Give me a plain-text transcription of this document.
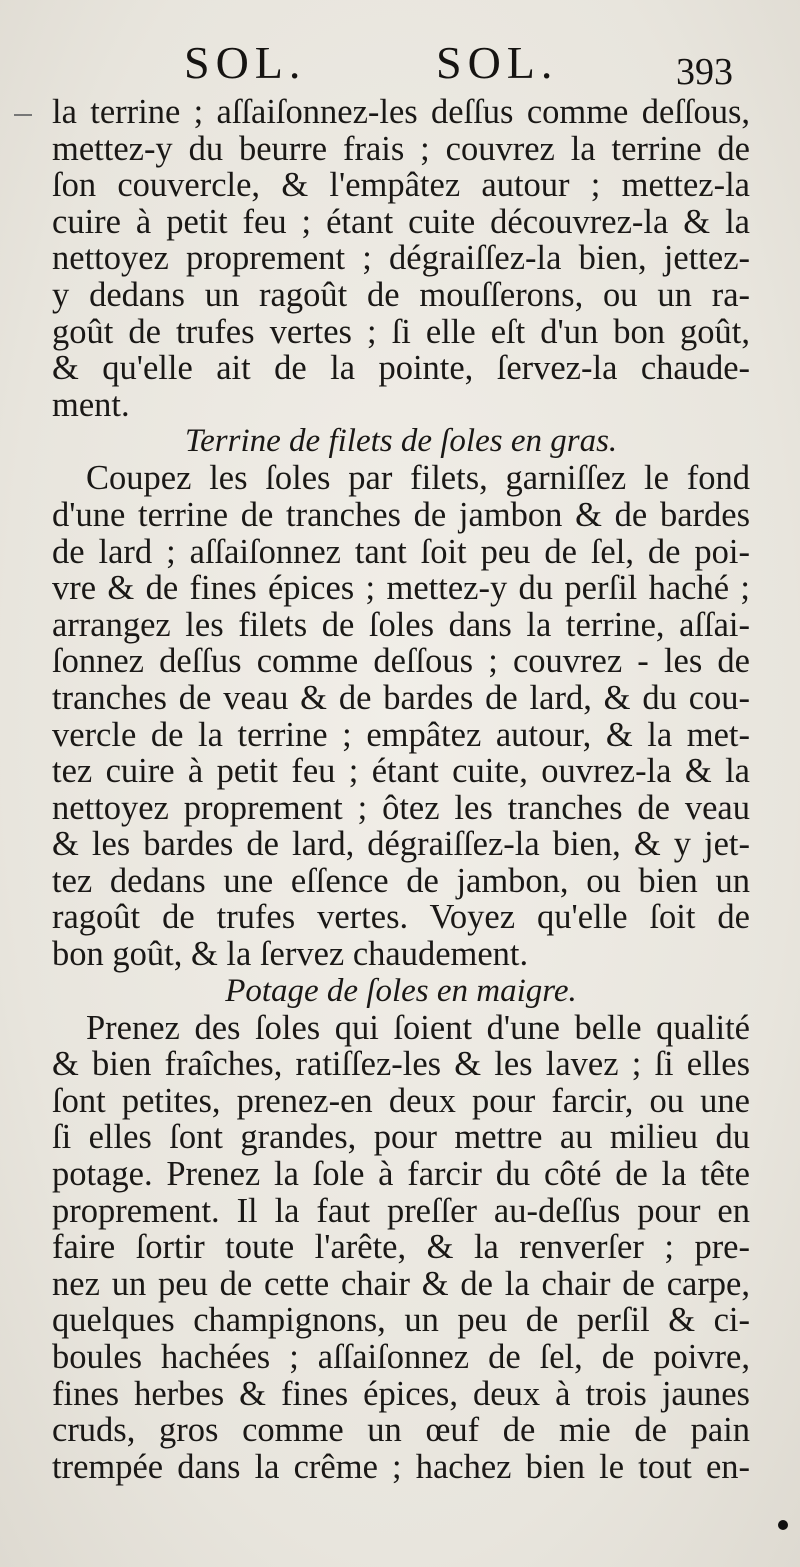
SOL.	SOL.	393
la terrine ; aſſaiſonnez-les deſſus comme deſſous,
mettez-y du beurre frais ; couvrez la terrine de
ſon couvercle, & l'empâtez autour ; mettez-la
cuire à petit feu ; étant cuite découvrez-la & la
nettoyez proprement ; dégraiſſez-la bien, jettez-
y dedans un ragoût de mouſſerons, ou un ra-
goût de trufes vertes ; ſi elle eſt d'un bon goût,
& qu'elle ait de la pointe, ſervez-la chaude-
ment.
Terrine de filets de ſoles en gras.
Coupez les ſoles par filets, garniſſez le fond
d'une terrine de tranches de jambon & de bardes
de lard ; aſſaiſonnez tant ſoit peu de ſel, de poi-
vre & de fines épices ; mettez-y du perſil haché ;
arrangez les filets de ſoles dans la terrine, aſſai-
ſonnez deſſus comme deſſous ; couvrez - les de
tranches de veau & de bardes de lard, & du cou-
vercle de la terrine ; empâtez autour, & la met-
tez cuire à petit feu ; étant cuite, ouvrez-la & la
nettoyez proprement ; ôtez les tranches de veau
& les bardes de lard, dégraiſſez-la bien, & y jet-
tez dedans une eſſence de jambon, ou bien un
ragoût de trufes vertes. Voyez qu'elle ſoit de
bon goût, & la ſervez chaudement.
Potage de ſoles en maigre.
Prenez des ſoles qui ſoient d'une belle qualité
& bien fraîches, ratiſſez-les & les lavez ; ſi elles
ſont petites, prenez-en deux pour farcir, ou une
ſi elles ſont grandes, pour mettre au milieu du
potage. Prenez la ſole à farcir du côté de la tête
proprement. Il la faut preſſer au-deſſus pour en
faire ſortir toute l'arête, & la renverſer ; pre-
nez un peu de cette chair & de la chair de carpe,
quelques champignons, un peu de perſil & ci-
boules hachées ; aſſaiſonnez de ſel, de poivre,
fines herbes & fines épices, deux à trois jaunes
cruds, gros comme un œuf de mie de pain
trempée dans la crême ; hachez bien le tout en-
